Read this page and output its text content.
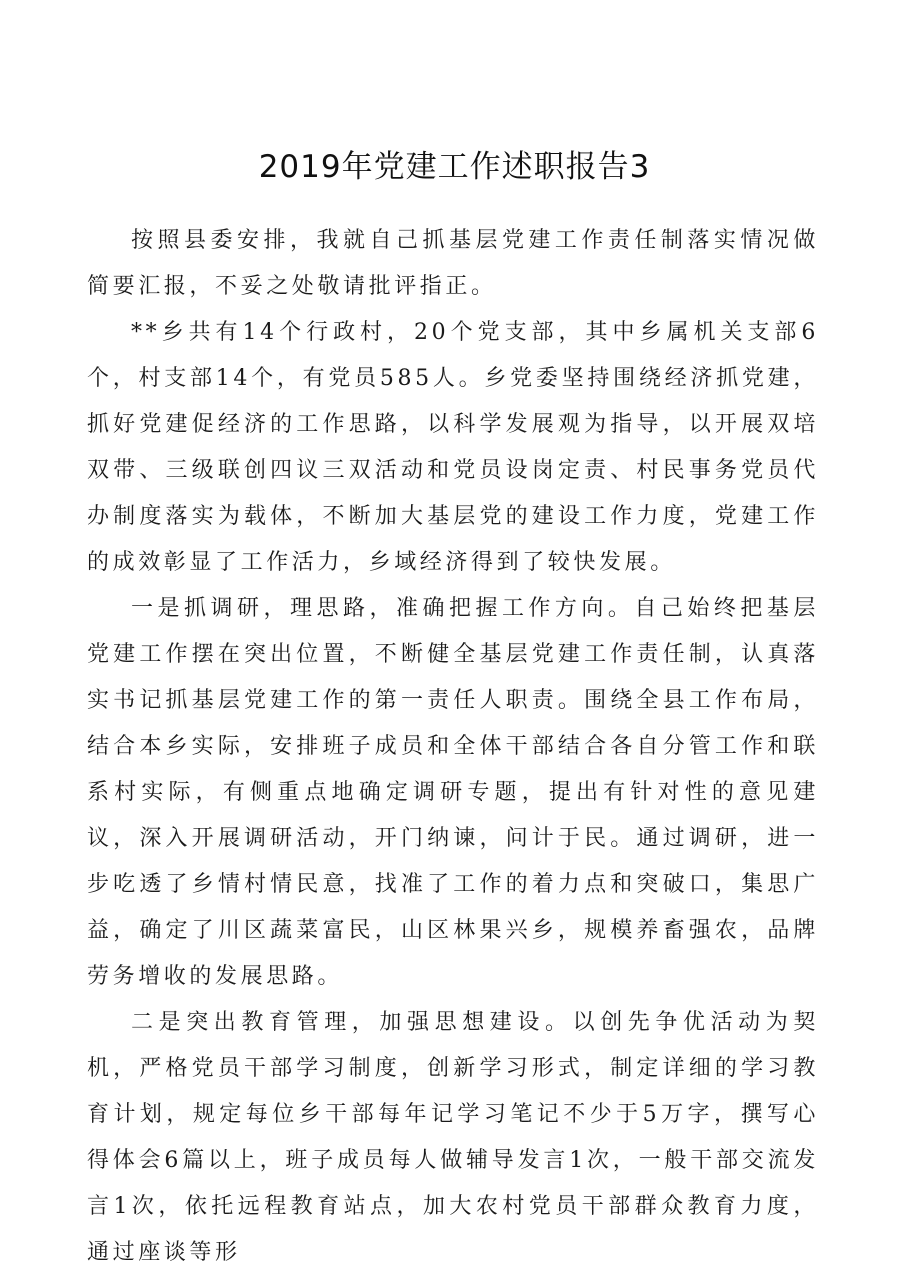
2019年党建工作述职报告3

按照县委安排，我就自己抓基层党建工作责任制落实情况做简要汇报，不妥之处敬请批评指正。

**乡共有14个行政村，20个党支部，其中乡属机关支部6个，村支部14个，有党员585人。乡党委坚持围绕经济抓党建，抓好党建促经济的工作思路，以科学发展观为指导，以开展双培双带、三级联创四议三双活动和党员设岗定责、村民事务党员代办制度落实为载体，不断加大基层党的建设工作力度，党建工作的成效彰显了工作活力，乡域经济得到了较快发展。

一是抓调研，理思路，准确把握工作方向。自己始终把基层党建工作摆在突出位置，不断健全基层党建工作责任制，认真落实书记抓基层党建工作的第一责任人职责。围绕全县工作布局，结合本乡实际，安排班子成员和全体干部结合各自分管工作和联系村实际，有侧重点地确定调研专题，提出有针对性的意见建议，深入开展调研活动，开门纳谏，问计于民。通过调研，进一步吃透了乡情村情民意，找准了工作的着力点和突破口，集思广益，确定了川区蔬菜富民，山区林果兴乡，规模养畜强农，品牌劳务增收的发展思路。

二是突出教育管理，加强思想建设。以创先争优活动为契机，严格党员干部学习制度，创新学习形式，制定详细的学习教育计划，规定每位乡干部每年记学习笔记不少于5万字，撰写心得体会6篇以上，班子成员每人做辅导发言1次，一般干部交流发言1次，依托远程教育站点，加大农村党员干部群众教育力度，通过座谈等形
